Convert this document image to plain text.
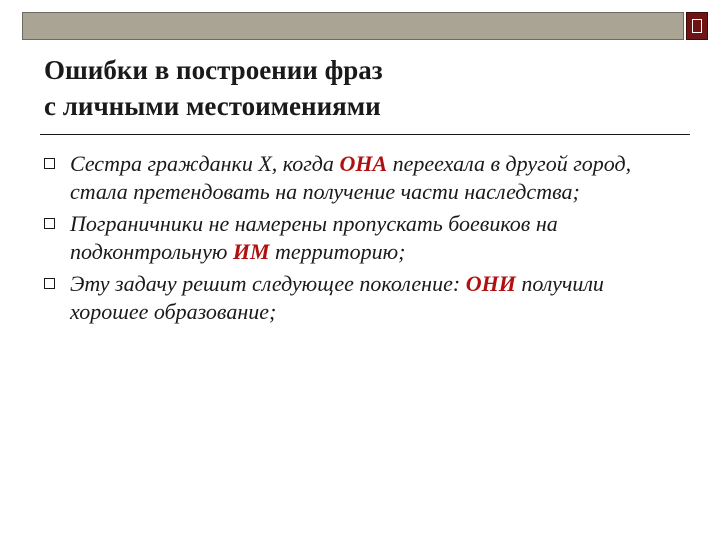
Ошибки в построении фраз
с личными местоимениями
Сестра гражданки Х, когда ОНА переехала в другой город, стала претендовать на получение части наследства;
Пограничники не намерены пропускать боевиков на подконтрольную ИМ территорию;
Эту задачу решит следующее поколение: ОНИ получили хорошее образование;
